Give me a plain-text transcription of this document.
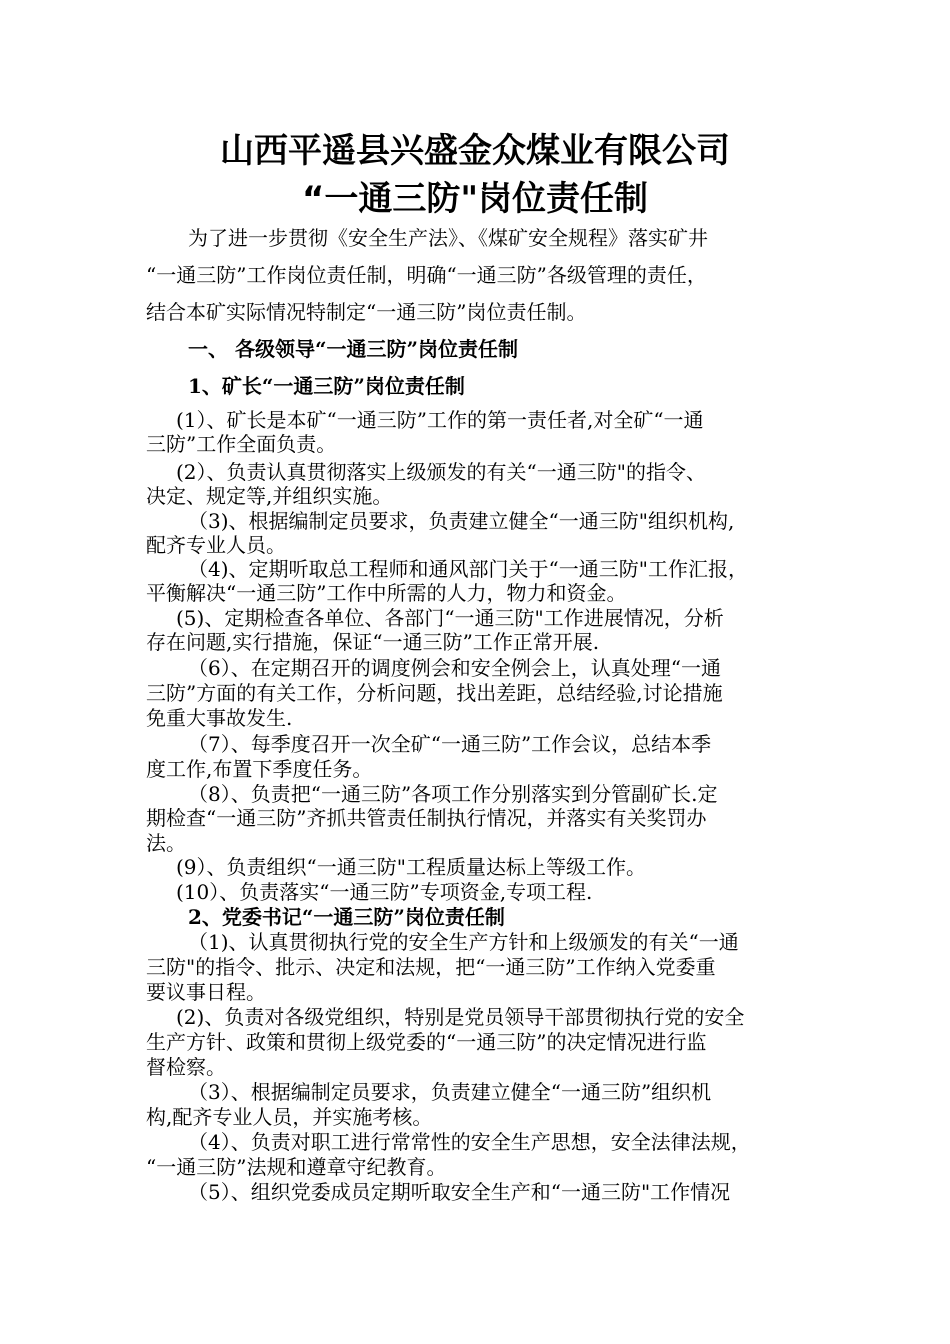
山西平遥县兴盛金众煤业有限公司
“一通三防"岗位责任制
为了进一步贯彻《安全生产法》、《煤矿安全规程》落实矿井
“一通三防”工作岗位责任制，明确“一通三防”各级管理的责任，
结合本矿实际情况特制定“一通三防”岗位责任制。
一、 各级领导“一通三防”岗位责任制
1、矿长“一通三防”岗位责任制
(1）、矿长是本矿“一通三防”工作的第一责任者,对全矿“一通
三防”工作全面负责。
(2）、负责认真贯彻落实上级颁发的有关“一通三防"的指令、
决定、规定等,并组织实施。
（3)、根据编制定员要求，负责建立健全“一通三防"组织机构,
配齐专业人员。
（4)、定期听取总工程师和通风部门关于“一通三防"工作汇报，
平衡解决“一通三防”工作中所需的人力，物力和资金。
(5)、定期检查各单位、各部门“一通三防"工作进展情况，分析
存在问题,实行措施，保证“一通三防”工作正常开展.
（6）、在定期召开的调度例会和安全例会上，认真处理“一通
三防”方面的有关工作，分析问题，找出差距，总结经验,讨论措施
免重大事故发生.
（7）、每季度召开一次全矿“一通三防”工作会议，总结本季
度工作,布置下季度任务。
（8）、负责把“一通三防”各项工作分别落实到分管副矿长.定
期检查“一通三防”齐抓共管责任制执行情况，并落实有关奖罚办
法。
(9）、负责组织“一通三防"工程质量达标上等级工作。
(10）、负责落实“一通三防”专项资金,专项工程.
2、党委书记“一通三防”岗位责任制
（1)、认真贯彻执行党的安全生产方针和上级颁发的有关“一通
三防"的指令、批示、决定和法规，把“一通三防”工作纳入党委重
要议事日程。
(2)、负责对各级党组织，特别是党员领导干部贯彻执行党的安全
生产方针、政策和贯彻上级党委的“一通三防”的决定情况进行监
督检察。
（3）、根据编制定员要求，负责建立健全“一通三防”组织机
构,配齐专业人员，并实施考核。
（4）、负责对职工进行常常性的安全生产思想，安全法律法规，
“一通三防”法规和遵章守纪教育。
（5）、组织党委成员定期听取安全生产和“一通三防"工作情况
